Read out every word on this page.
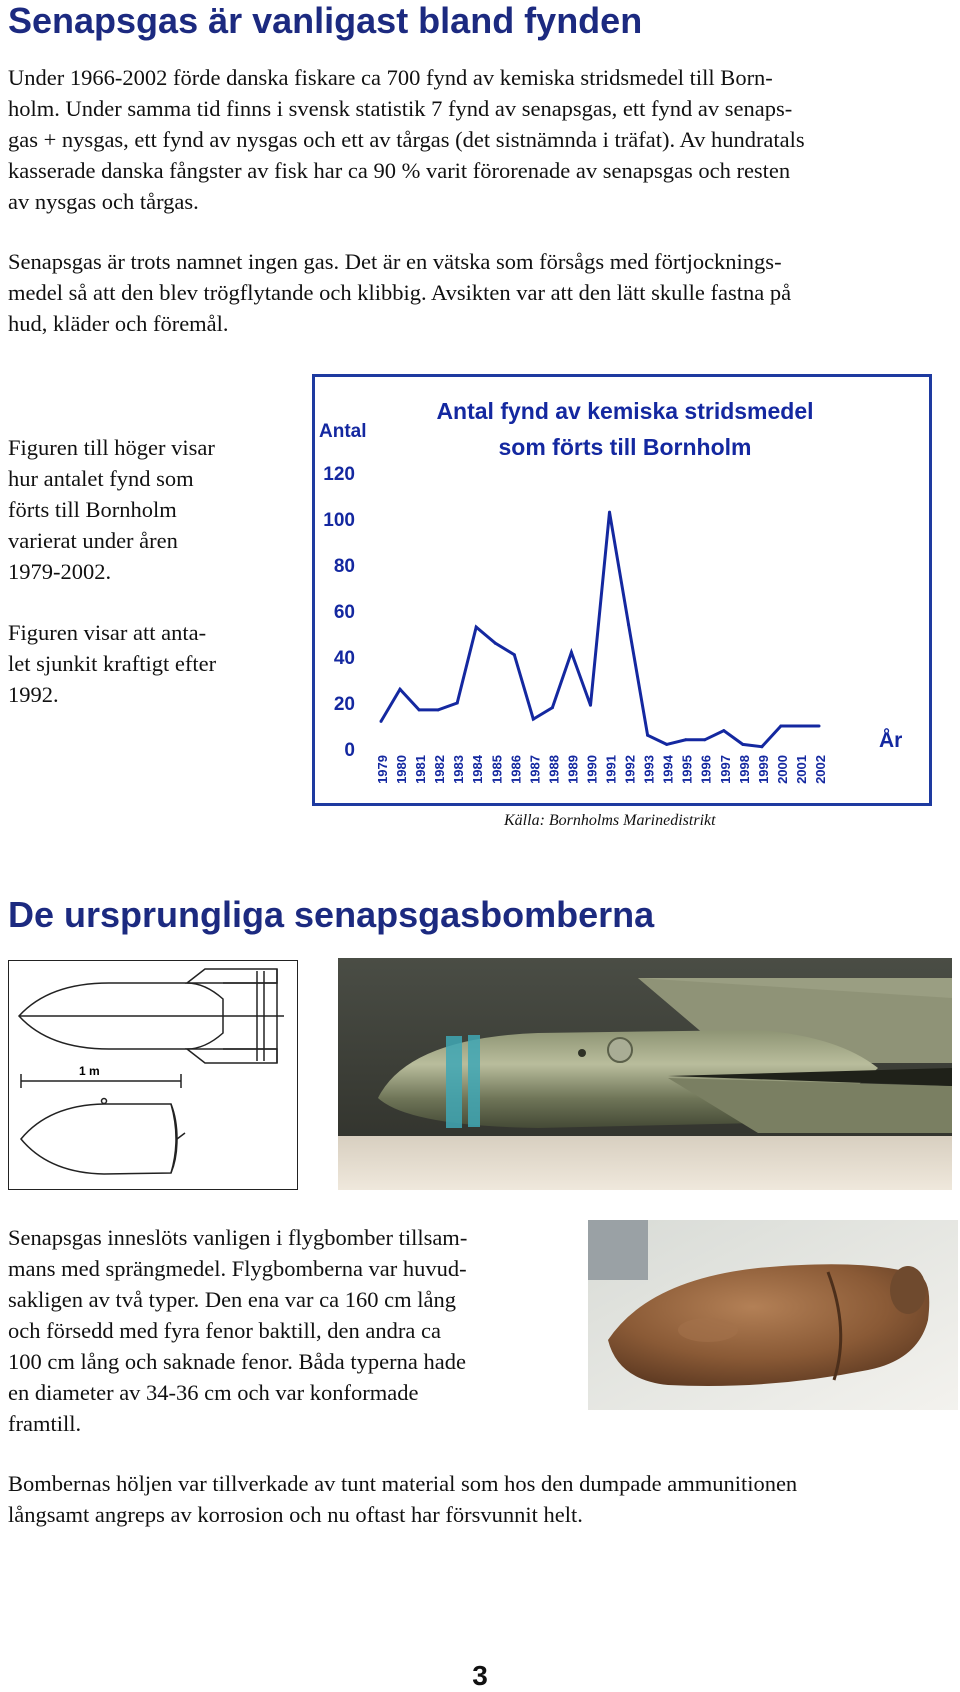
Senapsgas är vanligast bland fynden
Under 1966-2002 förde danska fiskare ca 700 fynd av kemiska stridsmedel till Born-
holm. Under samma tid finns i svensk statistik 7 fynd av senapsgas, ett fynd av senaps-
gas + nysgas, ett fynd av nysgas och ett av tårgas (det sistnämnda i träfat). Av hundratals
kasserade danska fångster av fisk har ca 90 % varit förorenade av senapsgas och resten
av nysgas och tårgas.
Senapsgas är trots namnet ingen gas. Det är en vätska som försågs med förtjocknings-
medel så att den blev trögflytande och klibbig. Avsikten var att den lätt skulle fastna på
hud, kläder och föremål.
Figuren till höger visar
hur antalet fynd som
förts till Bornholm
varierat under åren
1979-2002.
Figuren visar att anta-
let sjunkit kraftigt efter
1992.
Antal fynd av kemiska stridsmedel
som förts till Bornholm
Antal
År
0
20
40
60
80
100
120
1979 1980 1981 1982 1983 1984 1985 1986 1987 1988 1989 1990 1991 1992 1993 1994 1995 1996 1997 1998 1999 2000 2001 2002
Källa: Bornholms Marinedistrikt
De ursprungliga senapsgasbomberna
1 m
Senapsgas inneslöts vanligen i flygbomber tillsam-
mans med sprängmedel. Flygbomberna var huvud-
sakligen av två typer. Den ena var ca 160 cm lång
och försedd med fyra fenor baktill, den andra ca
100 cm lång och saknade fenor. Båda typerna hade
en diameter av 34-36 cm och var konformade
framtill.
Bombernas höljen var tillverkade av tunt material som hos den dumpade ammunitionen
långsamt angreps av korrosion och nu oftast har försvunnit helt.
3
